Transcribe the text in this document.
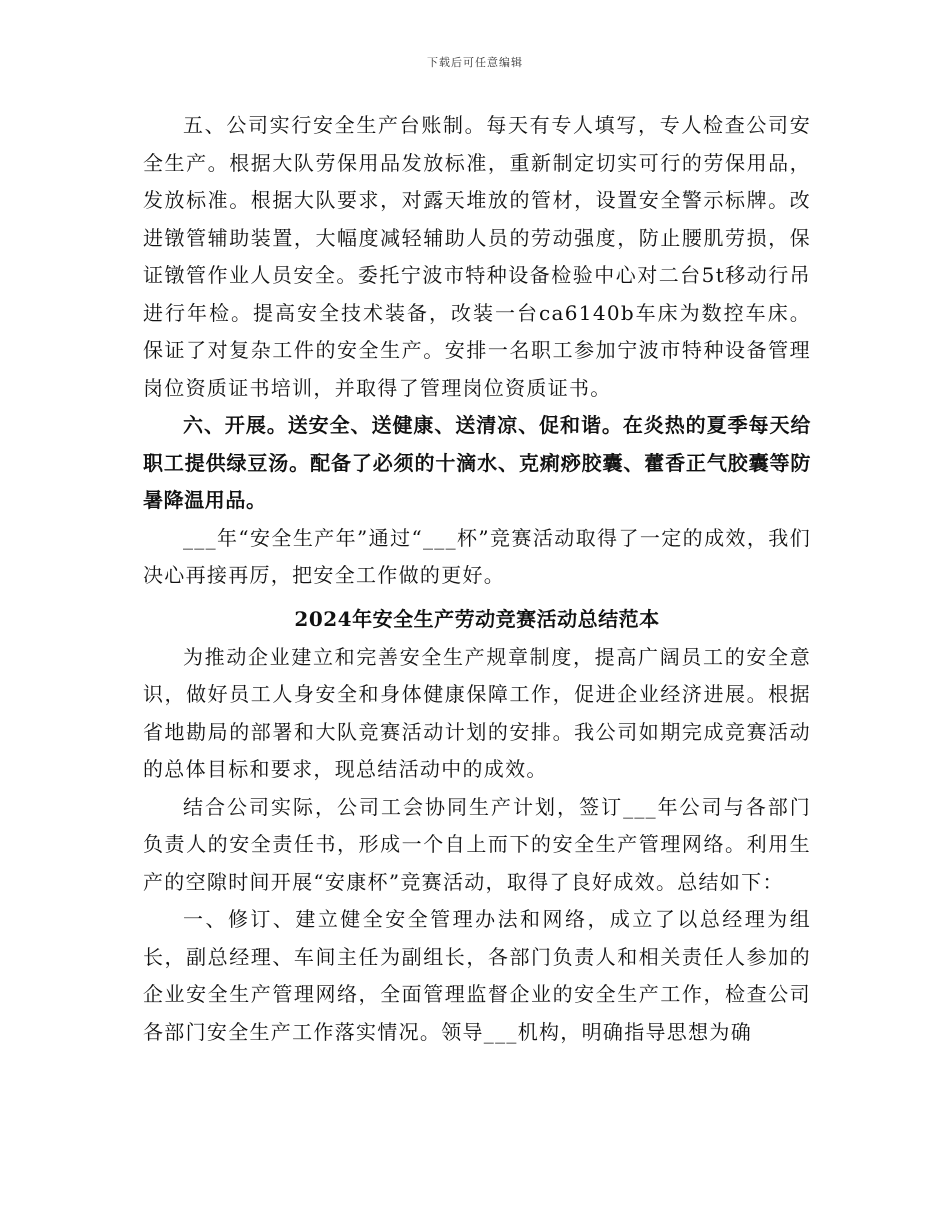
下载后可任意编辑

五、公司实行安全生产台账制。每天有专人填写，专人检查公司安全生产。根据大队劳保用品发放标准，重新制定切实可行的劳保用品，发放标准。根据大队要求，对露天堆放的管材，设置安全警示标牌。改进镦管辅助装置，大幅度减轻辅助人员的劳动强度，防止腰肌劳损，保证镦管作业人员安全。委托宁波市特种设备检验中心对二台5t移动行吊进行年检。提高安全技术装备，改装一台ca6140b车床为数控车床。保证了对复杂工件的安全生产。安排一名职工参加宁波市特种设备管理岗位资质证书培训，并取得了管理岗位资质证书。

六、开展。送安全、送健康、送清凉、促和谐。在炎热的夏季每天给职工提供绿豆汤。配备了必须的十滴水、克痢痧胶囊、藿香正气胶囊等防暑降温用品。

___年“安全生产年”通过“___杯”竞赛活动取得了一定的成效，我们决心再接再厉，把安全工作做的更好。

2024年安全生产劳动竞赛活动总结范本

为推动企业建立和完善安全生产规章制度，提高广阔员工的安全意识，做好员工人身安全和身体健康保障工作，促进企业经济进展。根据省地勘局的部署和大队竞赛活动计划的安排。我公司如期完成竞赛活动的总体目标和要求，现总结活动中的成效。

结合公司实际，公司工会协同生产计划，签订___年公司与各部门负责人的安全责任书，形成一个自上而下的安全生产管理网络。利用生产的空隙时间开展“安康杯”竞赛活动，取得了良好成效。总结如下：

一、修订、建立健全安全管理办法和网络，成立了以总经理为组长，副总经理、车间主任为副组长，各部门负责人和相关责任人参加的企业安全生产管理网络，全面管理监督企业的安全生产工作，检查公司各部门安全生产工作落实情况。领导___机构，明确指导思想为确
